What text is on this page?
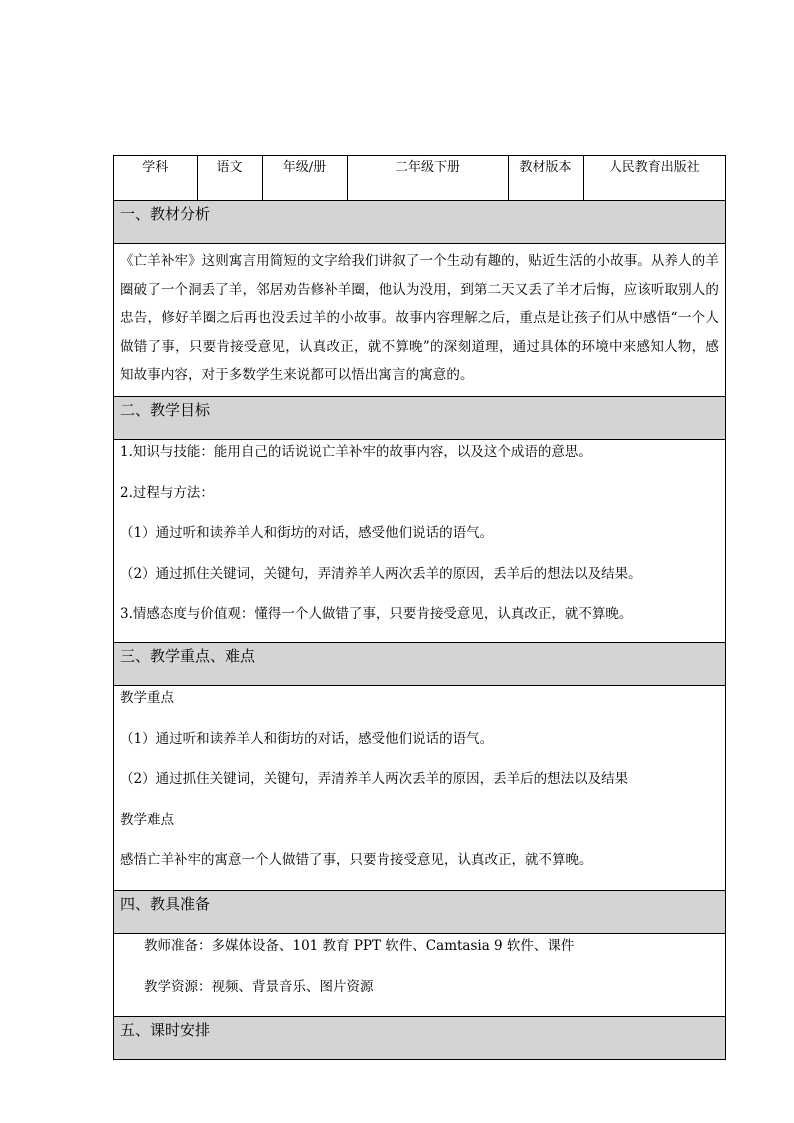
学科	语文	年级/册	二年级下册	教材版本	人民教育出版社
一、教材分析
《亡羊补牢》这则寓言用简短的文字给我们讲叙了一个生动有趣的，贴近生活的小故事。从养人的羊圈破了一个洞丢了羊，邻居劝告修补羊圈，他认为没用，到第二天又丢了羊才后悔，应该听取别人的忠告，修好羊圈之后再也没丢过羊的小故事。故事内容理解之后，重点是让孩子们从中感悟“一个人做错了事，只要肯接受意见，认真改正，就不算晚”的深刻道理，通过具体的环境中来感知人物，感知故事内容，对于多数学生来说都可以悟出寓言的寓意的。
二、教学目标
1.知识与技能：能用自己的话说说亡羊补牢的故事内容，以及这个成语的意思。
2.过程与方法：
（1）通过听和读养羊人和街坊的对话，感受他们说话的语气。
（2）通过抓住关键词，关键句，弄清养羊人两次丢羊的原因，丢羊后的想法以及结果。
3.情感态度与价值观：懂得一个人做错了事，只要肯接受意见，认真改正，就不算晚。
三、教学重点、难点
教学重点
（1）通过听和读养羊人和街坊的对话，感受他们说话的语气。
（2）通过抓住关键词，关键句，弄清养羊人两次丢羊的原因，丢羊后的想法以及结果
教学难点
感悟亡羊补牢的寓意一个人做错了事，只要肯接受意见，认真改正，就不算晚。
四、教具准备
教师准备：多媒体设备、101 教育 PPT 软件、Camtasia 9 软件、课件
教学资源：视频、背景音乐、图片资源
五、课时安排
